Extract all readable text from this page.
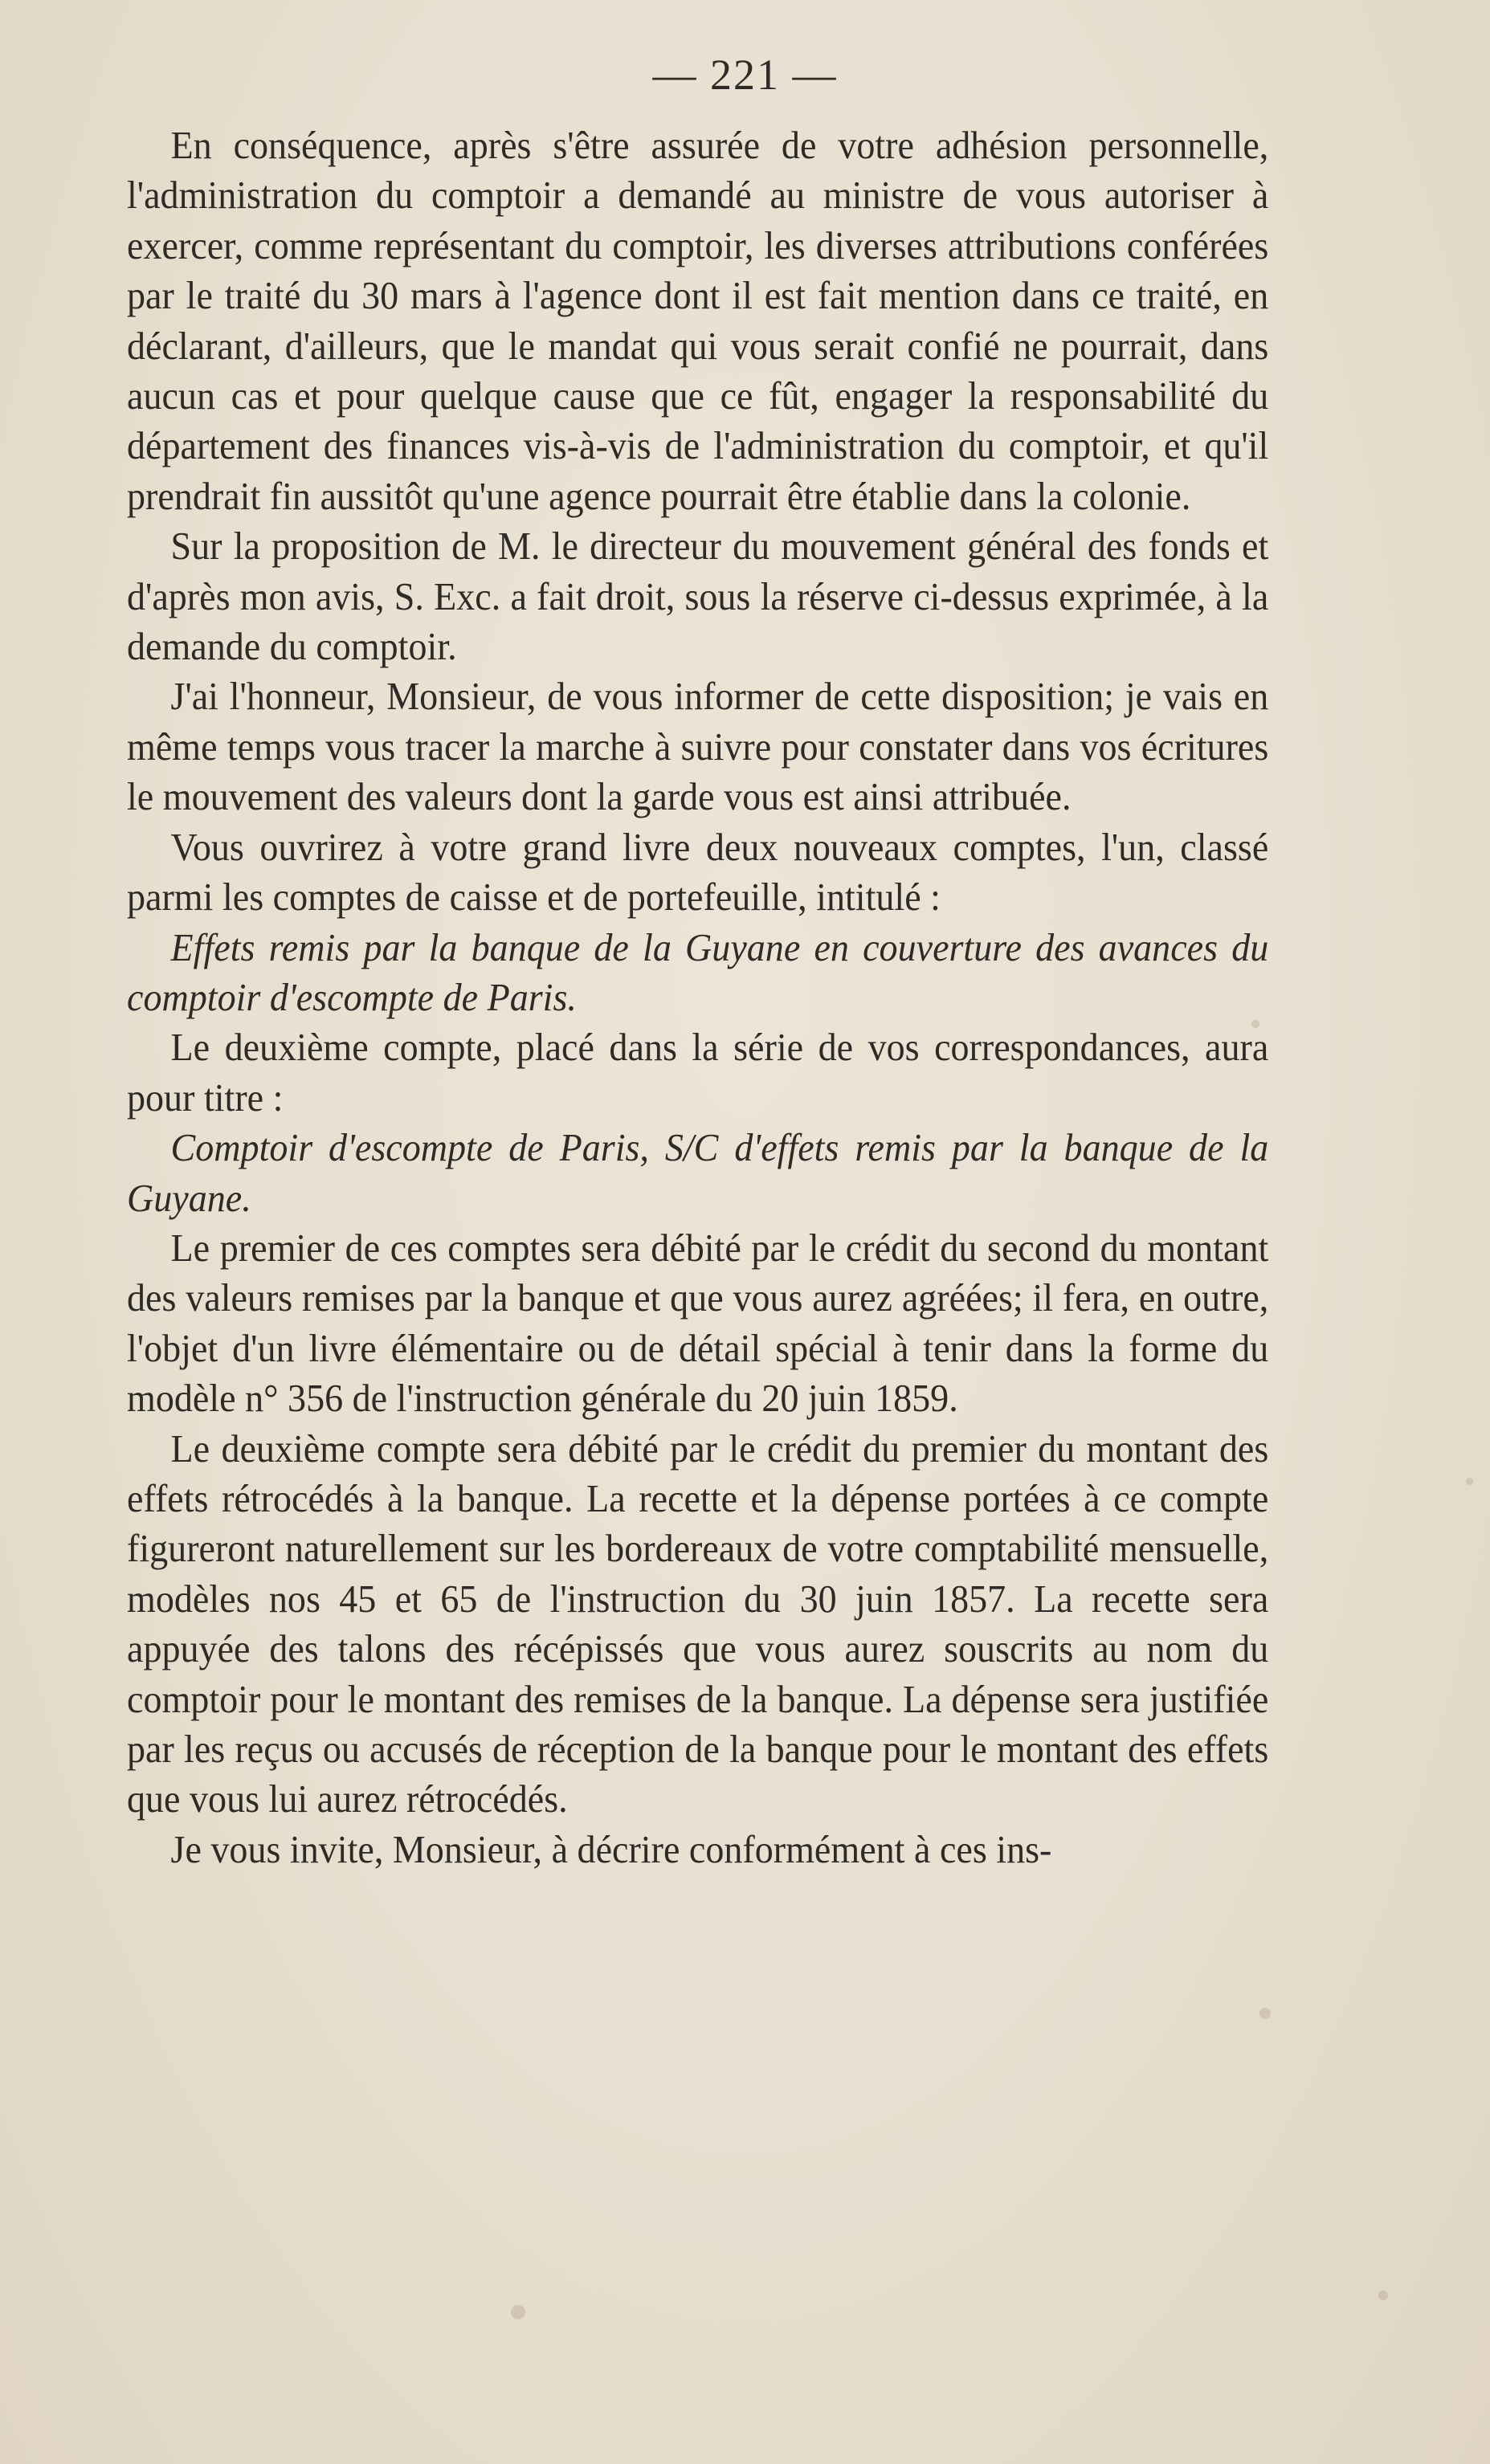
— 221 —

En conséquence, après s'être assurée de votre adhésion personnelle, l'administration du comptoir a demandé au ministre de vous autoriser à exercer, comme représentant du comptoir, les diverses attributions conférées par le traité du 30 mars à l'agence dont il est fait mention dans ce traité, en déclarant, d'ailleurs, que le mandat qui vous serait confié ne pourrait, dans aucun cas et pour quelque cause que ce fût, engager la responsabilité du département des finances vis-à-vis de l'administration du comptoir, et qu'il prendrait fin aussitôt qu'une agence pourrait être établie dans la colonie.

Sur la proposition de M. le directeur du mouvement général des fonds et d'après mon avis, S. Exc. a fait droit, sous la réserve ci-dessus exprimée, à la demande du comptoir.

J'ai l'honneur, Monsieur, de vous informer de cette disposition; je vais en même temps vous tracer la marche à suivre pour constater dans vos écritures le mouvement des valeurs dont la garde vous est ainsi attribuée.

Vous ouvrirez à votre grand livre deux nouveaux comptes, l'un, classé parmi les comptes de caisse et de portefeuille, intitulé :

Effets remis par la banque de la Guyane en couverture des avances du comptoir d'escompte de Paris.

Le deuxième compte, placé dans la série de vos correspondances, aura pour titre :

Comptoir d'escompte de Paris, S/C d'effets remis par la banque de la Guyane.

Le premier de ces comptes sera débité par le crédit du second du montant des valeurs remises par la banque et que vous aurez agréées; il fera, en outre, l'objet d'un livre élémentaire ou de détail spécial à tenir dans la forme du modèle n° 356 de l'instruction générale du 20 juin 1859.

Le deuxième compte sera débité par le crédit du premier du montant des effets rétrocédés à la banque. La recette et la dépense portées à ce compte figureront naturellement sur les bordereaux de votre comptabilité mensuelle, modèles nos 45 et 65 de l'instruction du 30 juin 1857. La recette sera appuyée des talons des récépissés que vous aurez souscrits au nom du comptoir pour le montant des remises de la banque. La dépense sera justifiée par les reçus ou accusés de réception de la banque pour le montant des effets que vous lui aurez rétrocédés.

Je vous invite, Monsieur, à décrire conformément à ces ins-
